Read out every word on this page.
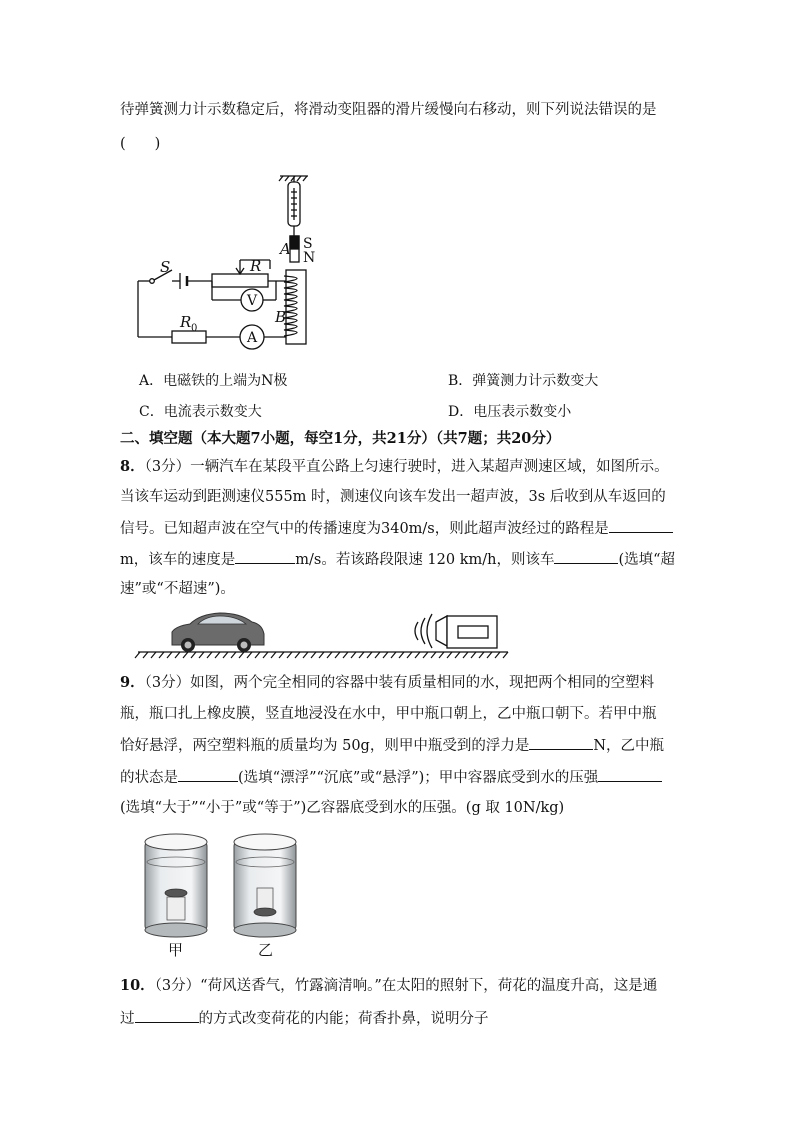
待弹簧测力计示数稳定后，将滑动变阻器的滑片缓慢向右移动，则下列说法错误的是
(　　)
S	R
A
B
R 0
S
N
V
A
A．电磁铁的上端为N极	B．弹簧测力计示数变大
C．电流表示数变大	D．电压表示数变小
二、填空题（本大题7小题，每空1分，共21分）（共7题；共20分）
8．（3分）一辆汽车在某段平直公路上匀速行驶时，进入某超声测速区域，如图所示。
当该车运动到距测速仪555m 时，测速仪向该车发出一超声波，3s 后收到从车返回的
信号。已知超声波在空气中的传播速度为340m/s，则此超声波经过的路程是
m，该车的速度是	m/s。若该路段限速 120 km/h，则该车	(选填“超
速”或“不超速”)。
9．（3分）如图，两个完全相同的容器中装有质量相同的水，现把两个相同的空塑料
瓶，瓶口扎上橡皮膜，竖直地浸没在水中，甲中瓶口朝上，乙中瓶口朝下。若甲中瓶
恰好悬浮，两空塑料瓶的质量均为 50g，则甲中瓶受到的浮力是	N，乙中瓶
的状态是	(选填“漂浮”“沉底”或“悬浮”)；甲中容器底受到水的压强
(选填“大于”“小于”或“等于”)乙容器底受到水的压强。(g 取 10N/kg)
甲	乙
10．（3分）“荷风送香气，竹露滴清响。”在太阳的照射下，荷花的温度升高，这是通
过	的方式改变荷花的内能；荷香扑鼻，说明分子
